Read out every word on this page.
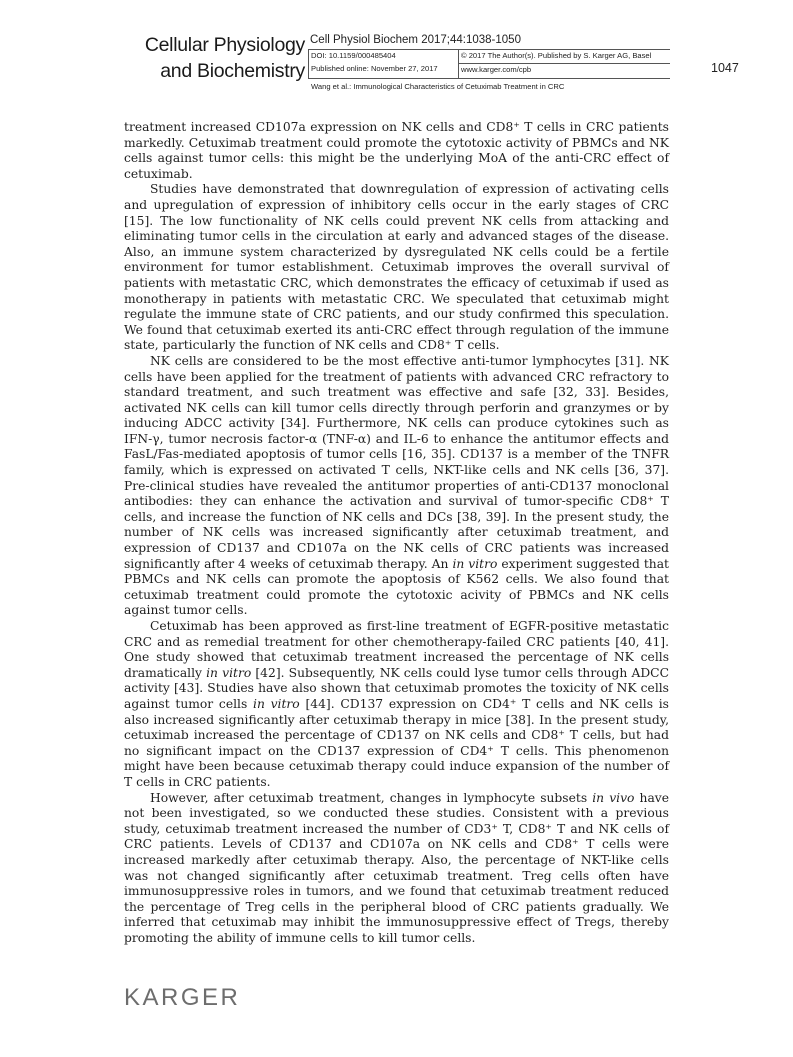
Cellular Physiology
and Biochemistry
Cell Physiol Biochem 2017;44:1038-1050
DOI: 10.1159/000485404
Published online: November 27, 2017
© 2017 The Author(s). Published by S. Karger AG, Basel
www.karger.com/cpb
Wang et al.: Immunological Characteristics of Cetuximab Treatment in CRC
1047

treatment increased CD107a expression on NK cells and CD8⁺ T cells in CRC patients markedly. Cetuximab treatment could promote the cytotoxic activity of PBMCs and NK cells against tumor cells: this might be the underlying MoA of the anti-CRC effect of cetuximab.

Studies have demonstrated that downregulation of expression of activating cells and upregulation of expression of inhibitory cells occur in the early stages of CRC [15]. The low functionality of NK cells could prevent NK cells from attacking and eliminating tumor cells in the circulation at early and advanced stages of the disease. Also, an immune system characterized by dysregulated NK cells could be a fertile environment for tumor establishment. Cetuximab improves the overall survival of patients with metastatic CRC, which demonstrates the efficacy of cetuximab if used as monotherapy in patients with metastatic CRC. We speculated that cetuximab might regulate the immune state of CRC patients, and our study confirmed this speculation. We found that cetuximab exerted its anti-CRC effect through regulation of the immune state, particularly the function of NK cells and CD8⁺ T cells.

NK cells are considered to be the most effective anti-tumor lymphocytes [31]. NK cells have been applied for the treatment of patients with advanced CRC refractory to standard treatment, and such treatment was effective and safe [32, 33]. Besides, activated NK cells can kill tumor cells directly through perforin and granzymes or by inducing ADCC activity [34]. Furthermore, NK cells can produce cytokines such as IFN-γ, tumor necrosis factor-α (TNF-α) and IL-6 to enhance the antitumor effects and FasL/Fas-mediated apoptosis of tumor cells [16, 35]. CD137 is a member of the TNFR family, which is expressed on activated T cells, NKT-like cells and NK cells [36, 37]. Pre-clinical studies have revealed the antitumor properties of anti-CD137 monoclonal antibodies: they can enhance the activation and survival of tumor-specific CD8⁺ T cells, and increase the function of NK cells and DCs [38, 39]. In the present study, the number of NK cells was increased significantly after cetuximab treatment, and expression of CD137 and CD107a on the NK cells of CRC patients was increased significantly after 4 weeks of cetuximab therapy. An in vitro experiment suggested that PBMCs and NK cells can promote the apoptosis of K562 cells. We also found that cetuximab treatment could promote the cytotoxic acivity of PBMCs and NK cells against tumor cells.

Cetuximab has been approved as first-line treatment of EGFR-positive metastatic CRC and as remedial treatment for other chemotherapy-failed CRC patients [40, 41]. One study showed that cetuximab treatment increased the percentage of NK cells dramatically in vitro [42]. Subsequently, NK cells could lyse tumor cells through ADCC activity [43]. Studies have also shown that cetuximab promotes the toxicity of NK cells against tumor cells in vitro [44]. CD137 expression on CD4⁺ T cells and NK cells is also increased significantly after cetuximab therapy in mice [38]. In the present study, cetuximab increased the percentage of CD137 on NK cells and CD8⁺ T cells, but had no significant impact on the CD137 expression of CD4⁺ T cells. This phenomenon might have been because cetuximab therapy could induce expansion of the number of T cells in CRC patients.

However, after cetuximab treatment, changes in lymphocyte subsets in vivo have not been investigated, so we conducted these studies. Consistent with a previous study, cetuximab treatment increased the number of CD3⁺ T, CD8⁺ T and NK cells of CRC patients. Levels of CD137 and CD107a on NK cells and CD8⁺ T cells were increased markedly after cetuximab therapy. Also, the percentage of NKT-like cells was not changed significantly after cetuximab treatment. Treg cells often have immunosuppressive roles in tumors, and we found that cetuximab treatment reduced the percentage of Treg cells in the peripheral blood of CRC patients gradually. We inferred that cetuximab may inhibit the immunosuppressive effect of Tregs, thereby promoting the ability of immune cells to kill tumor cells.

KARGER
